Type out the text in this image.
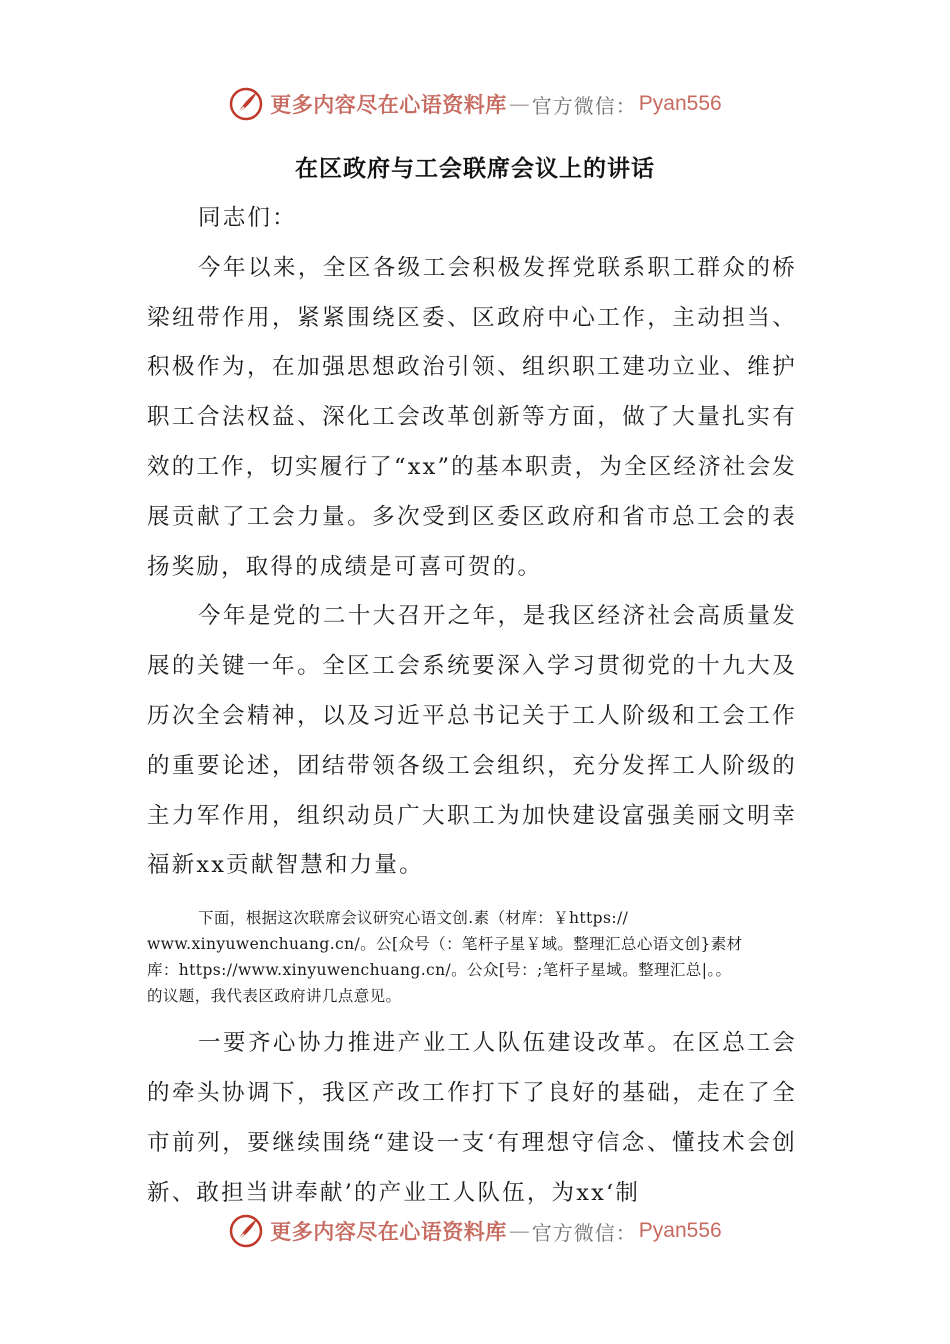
更多内容尽在心语资料库 — 官方微信： Pyan556
在区政府与工会联席会议上的讲话

同志们：

今年以来，全区各级工会积极发挥党联系职工群众的桥梁纽带作用，紧紧围绕区委、区政府中心工作，主动担当、积极作为，在加强思想政治引领、组织职工建功立业、维护职工合法权益、深化工会改革创新等方面，做了大量扎实有效的工作，切实履行了“xx”的基本职责，为全区经济社会发展贡献了工会力量。多次受到区委区政府和省市总工会的表扬奖励，取得的成绩是可喜可贺的。

今年是党的二十大召开之年，是我区经济社会高质量发展的关键一年。全区工会系统要深入学习贯彻党的十九大及历次全会精神，以及习近平总书记关于工人阶级和工会工作的重要论述，团结带领各级工会组织，充分发挥工人阶级的主力军作用，组织动员广大职工为加快建设富强美丽文明幸福新xx贡献智慧和力量。

下面，根据这次联席会议研究心语文创.素（材库：￥https://
www.xinyuwenchuang.cn/。公[众号（：笔杆子星￥域。整理汇总心语文创}素材
库：https://www.xinyuwenchuang.cn/。公众[号：;笔杆子星域。整理汇总|。。
的议题，我代表区政府讲几点意见。

一要齐心协力推进产业工人队伍建设改革。在区总工会的牵头协调下，我区产改工作打下了良好的基础，走在了全市前列，要继续围绕“建设一支‘有理想守信念、懂技术会创新、敢担当讲奉献’的产业工人队伍，为xx‘制

更多内容尽在心语资料库 — 官方微信： Pyan556
